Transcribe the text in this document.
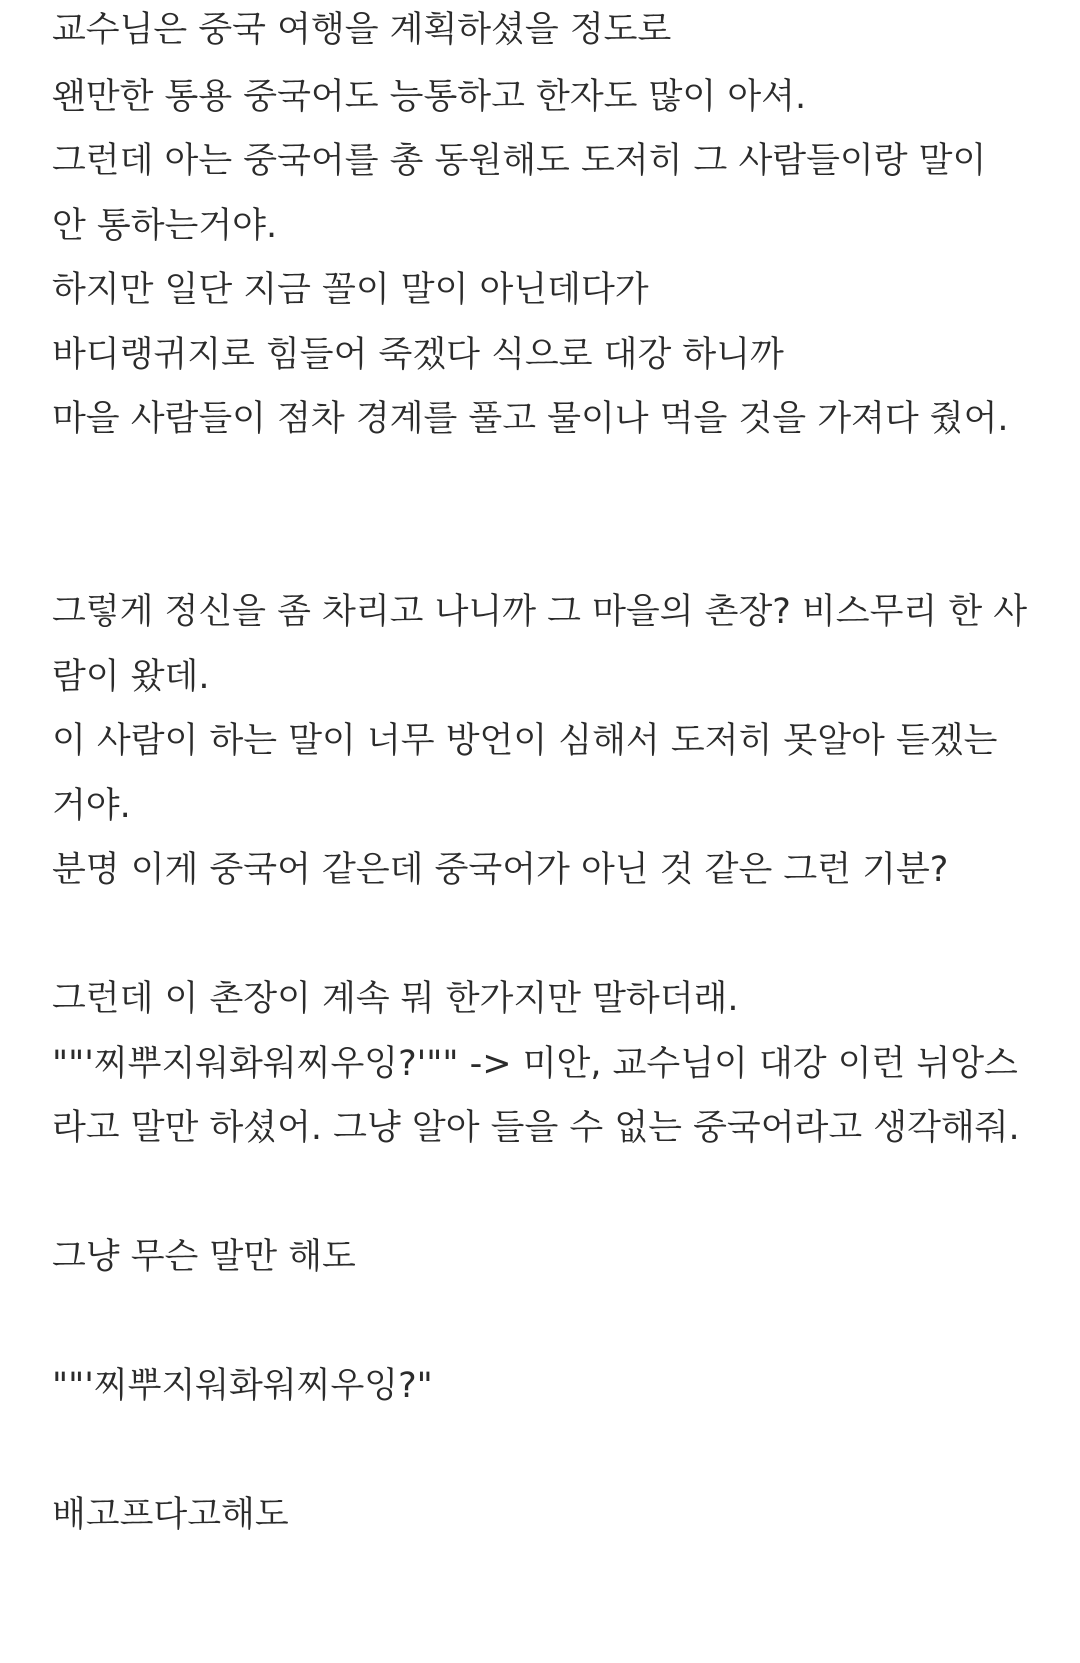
교수님은 중국 여행을 계획하셨을 정도로
왠만한 통용 중국어도 능통하고 한자도 많이 아셔.
그런데 아는 중국어를 총 동원해도 도저히 그 사람들이랑 말이
안 통하는거야.
하지만 일단 지금 꼴이 말이 아닌데다가
바디랭귀지로 힘들어 죽겠다 식으로 대강 하니까
마을 사람들이 점차 경계를 풀고 물이나 먹을 것을 가져다 줬어.
그렇게 정신을 좀 차리고 나니까 그 마을의 촌장? 비스무리 한 사
람이 왔데.
이 사람이 하는 말이 너무 방언이 심해서 도저히 못알아 듣겠는
거야.
분명 이게 중국어 같은데 중국어가 아닌 것 같은 그런 기분?
그런데 이 촌장이 계속 뭐 한가지만 말하더래.
""'찌뿌지워화워찌우잉?'"" -> 미안, 교수님이 대강 이런 뉘앙스
라고 말만 하셨어. 그냥 알아 들을 수 없는 중국어라고 생각해줘.
그냥 무슨 말만 해도
""'찌뿌지워화워찌우잉?"
배고프다고해도
